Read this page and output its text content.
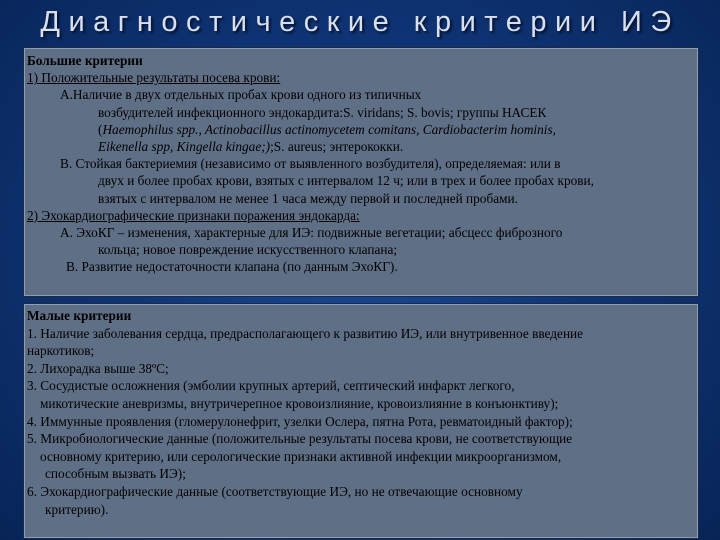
Диагностические критерии ИЭ
Большие критерии
1) Положительные результаты посева крови:
А.Наличие в двух отдельных пробах крови одного из типичных
возбудителей инфекционного эндокардита:S. viridans; S. bovis; группы НАСЕК
(Haemophilus spp., Actinobacillus actinomycetem comitans, Cardiobacterim hominis,
Eikenella spp, Kingella kingae;);S. aureus; энтерококки.
В. Стойкая бактериемия (независимо от выявленного возбудителя), определяемая: или в
двух и более пробах крови, взятых с интервалом 12 ч; или в трех и более пробах крови,
взятых с интервалом не менее 1 часа между первой и последней пробами.
2) Эхокардиографические признаки поражения эндокарда:
А. ЭхоКГ – изменения, характерные для ИЭ: подвижные вегетации; абсцесс фиброзного
кольца; новое повреждение искусственного клапана;
В. Развитие недостаточности клапана (по данным ЭхоКГ).
Малые критерии
1. Наличие заболевания сердца, предрасполагающего к развитию ИЭ, или внутривенное введение
наркотиков;
2. Лихорадка выше 38ºС;
3. Сосудистые осложнения (эмболии крупных артерий, септический инфаркт легкого,
микотические аневризмы, внутричерепное кровоизлияние, кровоизлияние в конъюнктиву);
4. Иммунные проявления (гломерулонефрит, узелки Ослера, пятна Рота, ревматоидный фактор);
5. Микробиологические данные (положительные результаты посева крови, не соответствующие
основному критерию, или серологические признаки активной инфекции микроорганизмом,
способным вызвать ИЭ);
6. Эхокардиографические данные (соответствующие ИЭ, но не отвечающие основному
критерию).
